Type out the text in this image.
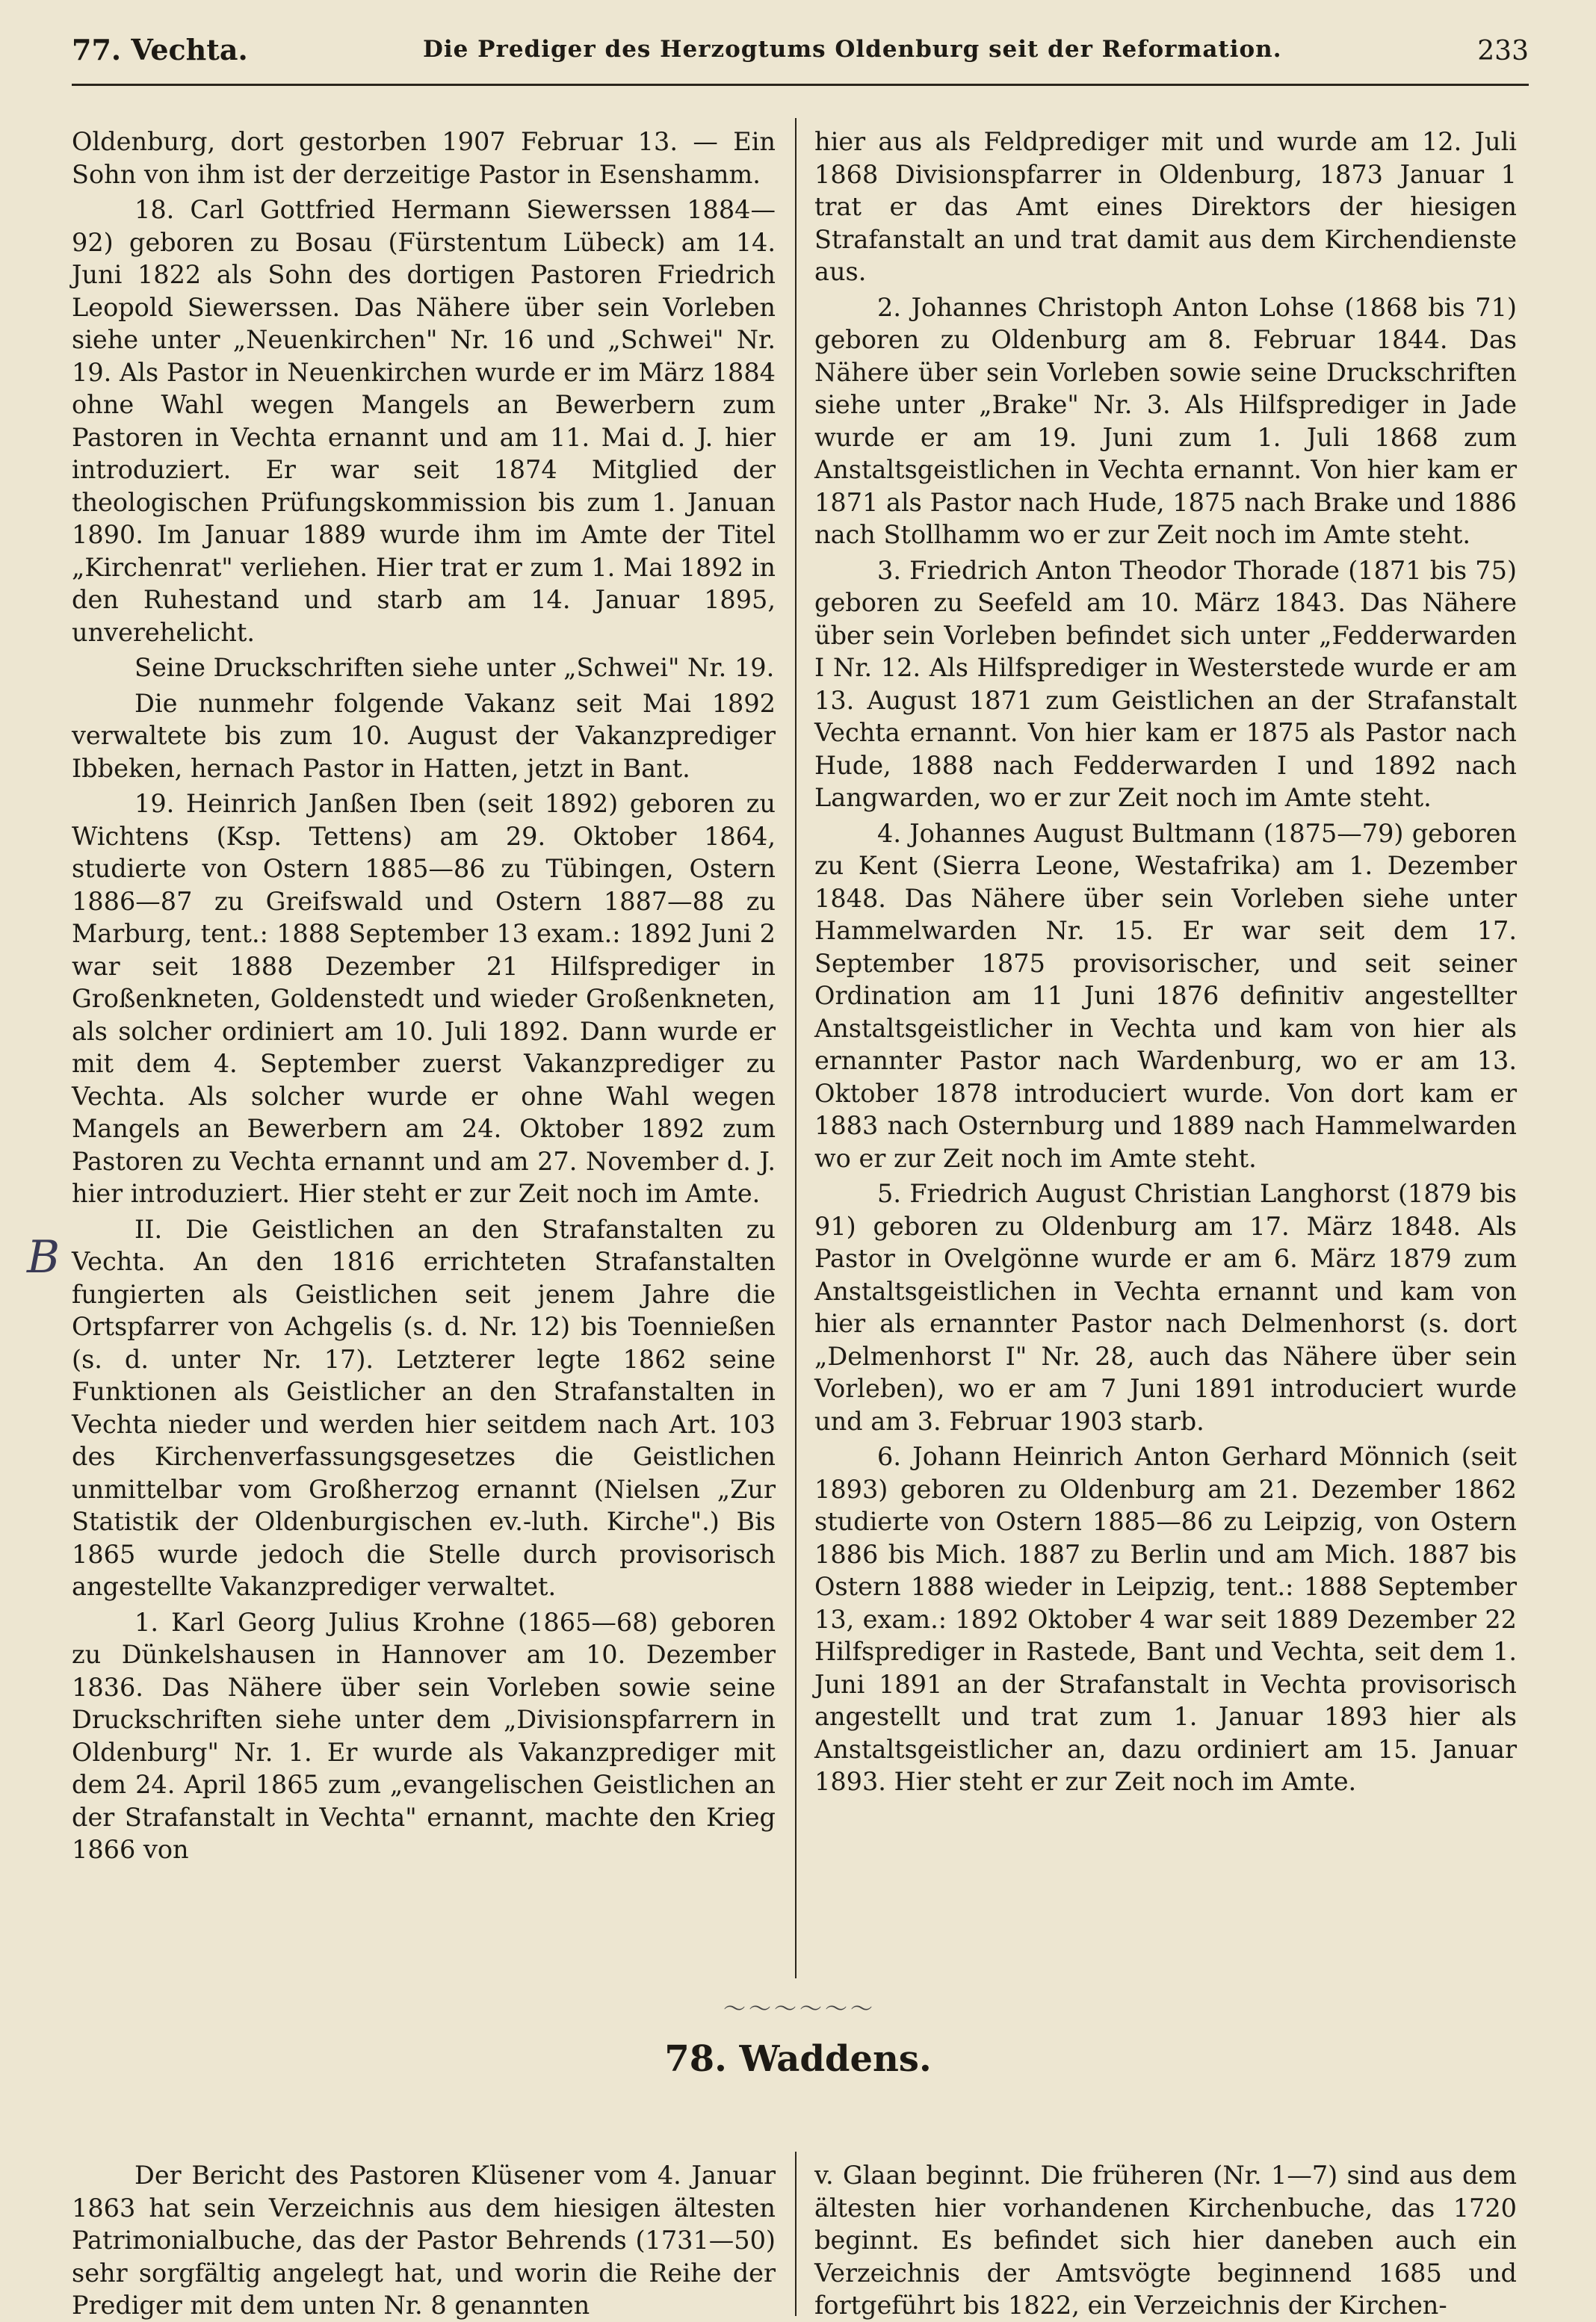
77. Vechta.	Die Prediger des Herzogtums Oldenburg seit der Reformation.	233

Oldenburg, dort gestorben 1907 Februar 13. — Ein Sohn von ihm ist der derzeitige Pastor in Esenshamm.

18. Carl Gottfried Hermann Siewerssen 1884—92) geboren zu Bosau (Fürstentum Lübeck) am 14. Juni 1822 als Sohn des dortigen Pastoren Friedrich Leopold Siewerssen. Das Nähere über sein Vorleben siehe unter „Neuenkirchen" Nr. 16 und „Schwei" Nr. 19. Als Pastor in Neuenkirchen wurde er im März 1884 ohne Wahl wegen Mangels an Bewerbern zum Pastoren in Vechta ernannt und am 11. Mai d. J. hier introduziert. Er war seit 1874 Mitglied der theologischen Prüfungskommission bis zum 1. Januan 1890. Im Januar 1889 wurde ihm im Amte der Titel „Kirchenrat" verliehen. Hier trat er zum 1. Mai 1892 in den Ruhestand und starb am 14. Januar 1895, unverehelicht.

Seine Druckschriften siehe unter „Schwei" Nr. 19.

Die nunmehr folgende Vakanz seit Mai 1892 verwaltete bis zum 10. August der Vakanzprediger Ibbeken, hernach Pastor in Hatten, jetzt in Bant.

19. Heinrich Janßen Iben (seit 1892) geboren zu Wichtens (Ksp. Tettens) am 29. Oktober 1864, studierte von Ostern 1885—86 zu Tübingen, Ostern 1886—87 zu Greifswald und Ostern 1887—88 zu Marburg, tent.: 1888 September 13 exam.: 1892 Juni 2 war seit 1888 Dezember 21 Hilfsprediger in Großenkneten, Goldenstedt und wieder Großenkneten, als solcher ordiniert am 10. Juli 1892. Dann wurde er mit dem 4. September zuerst Vakanzprediger zu Vechta. Als solcher wurde er ohne Wahl wegen Mangels an Bewerbern am 24. Oktober 1892 zum Pastoren zu Vechta ernannt und am 27. November d. J. hier introduziert. Hier steht er zur Zeit noch im Amte.

II. Die Geistlichen an den Strafanstalten zu Vechta. An den 1816 errichteten Strafanstalten fungierten als Geistlichen seit jenem Jahre die Ortspfarrer von Achgelis (s. d. Nr. 12) bis Toennießen (s. d. unter Nr. 17). Letzterer legte 1862 seine Funktionen als Geistlicher an den Strafanstalten in Vechta nieder und werden hier seitdem nach Art. 103 des Kirchenverfassungsgesetzes die Geistlichen unmittelbar vom Großherzog ernannt (Nielsen „Zur Statistik der Oldenburgischen ev.-luth. Kirche".) Bis 1865 wurde jedoch die Stelle durch provisorisch angestellte Vakanzprediger verwaltet.

1. Karl Georg Julius Krohne (1865—68) geboren zu Dünkelshausen in Hannover am 10. Dezember 1836. Das Nähere über sein Vorleben sowie seine Druckschriften siehe unter dem „Divisionspfarrern in Oldenburg" Nr. 1. Er wurde als Vakanzprediger mit dem 24. April 1865 zum „evangelischen Geistlichen an der Strafanstalt in Vechta" ernannt, machte den Krieg 1866 von

hier aus als Feldprediger mit und wurde am 12. Juli 1868 Divisionspfarrer in Oldenburg, 1873 Januar 1 trat er das Amt eines Direktors der hiesigen Strafanstalt an und trat damit aus dem Kirchendienste aus.

2. Johannes Christoph Anton Lohse (1868 bis 71) geboren zu Oldenburg am 8. Februar 1844. Das Nähere über sein Vorleben sowie seine Druckschriften siehe unter „Brake" Nr. 3. Als Hilfsprediger in Jade wurde er am 19. Juni zum 1. Juli 1868 zum Anstaltsgeistlichen in Vechta ernannt. Von hier kam er 1871 als Pastor nach Hude, 1875 nach Brake und 1886 nach Stollhamm wo er zur Zeit noch im Amte steht.

3. Friedrich Anton Theodor Thorade (1871 bis 75) geboren zu Seefeld am 10. März 1843. Das Nähere über sein Vorleben befindet sich unter „Fedderwarden I Nr. 12. Als Hilfsprediger in Westerstede wurde er am 13. August 1871 zum Geistlichen an der Strafanstalt Vechta ernannt. Von hier kam er 1875 als Pastor nach Hude, 1888 nach Fedderwarden I und 1892 nach Langwarden, wo er zur Zeit noch im Amte steht.

4. Johannes August Bultmann (1875—79) geboren zu Kent (Sierra Leone, Westafrika) am 1. Dezember 1848. Das Nähere über sein Vorleben siehe unter Hammelwarden Nr. 15. Er war seit dem 17. September 1875 provisorischer, und seit seiner Ordination am 11 Juni 1876 definitiv angestellter Anstaltsgeistlicher in Vechta und kam von hier als ernannter Pastor nach Wardenburg, wo er am 13. Oktober 1878 introduciert wurde. Von dort kam er 1883 nach Osternburg und 1889 nach Hammelwarden wo er zur Zeit noch im Amte steht.

5. Friedrich August Christian Langhorst (1879 bis 91) geboren zu Oldenburg am 17. März 1848. Als Pastor in Ovelgönne wurde er am 6. März 1879 zum Anstaltsgeistlichen in Vechta ernannt und kam von hier als ernannter Pastor nach Delmenhorst (s. dort „Delmenhorst I" Nr. 28, auch das Nähere über sein Vorleben), wo er am 7 Juni 1891 introduciert wurde und am 3. Februar 1903 starb.

6. Johann Heinrich Anton Gerhard Mönnich (seit 1893) geboren zu Oldenburg am 21. Dezember 1862 studierte von Ostern 1885—86 zu Leipzig, von Ostern 1886 bis Mich. 1887 zu Berlin und am Mich. 1887 bis Ostern 1888 wieder in Leipzig, tent.: 1888 September 13, exam.: 1892 Oktober 4 war seit 1889 Dezember 22 Hilfsprediger in Rastede, Bant und Vechta, seit dem 1. Juni 1891 an der Strafanstalt in Vechta provisorisch angestellt und trat zum 1. Januar 1893 hier als Anstaltsgeistlicher an, dazu ordiniert am 15. Januar 1893. Hier steht er zur Zeit noch im Amte.

B
～～～～～～
78. Waddens.

Der Bericht des Pastoren Klüsener vom 4. Januar 1863 hat sein Verzeichnis aus dem hiesigen ältesten Patrimonialbuche, das der Pastor Behrends (1731—50) sehr sorgfältig angelegt hat, und worin die Reihe der Prediger mit dem unten Nr. 8 genannten

v. Glaan beginnt. Die früheren (Nr. 1—7) sind aus dem ältesten hier vorhandenen Kirchenbuche, das 1720 beginnt. Es befindet sich hier daneben auch ein Verzeichnis der Amtsvögte beginnend 1685 und fortgeführt bis 1822, ein Verzeichnis der Kirchen-
